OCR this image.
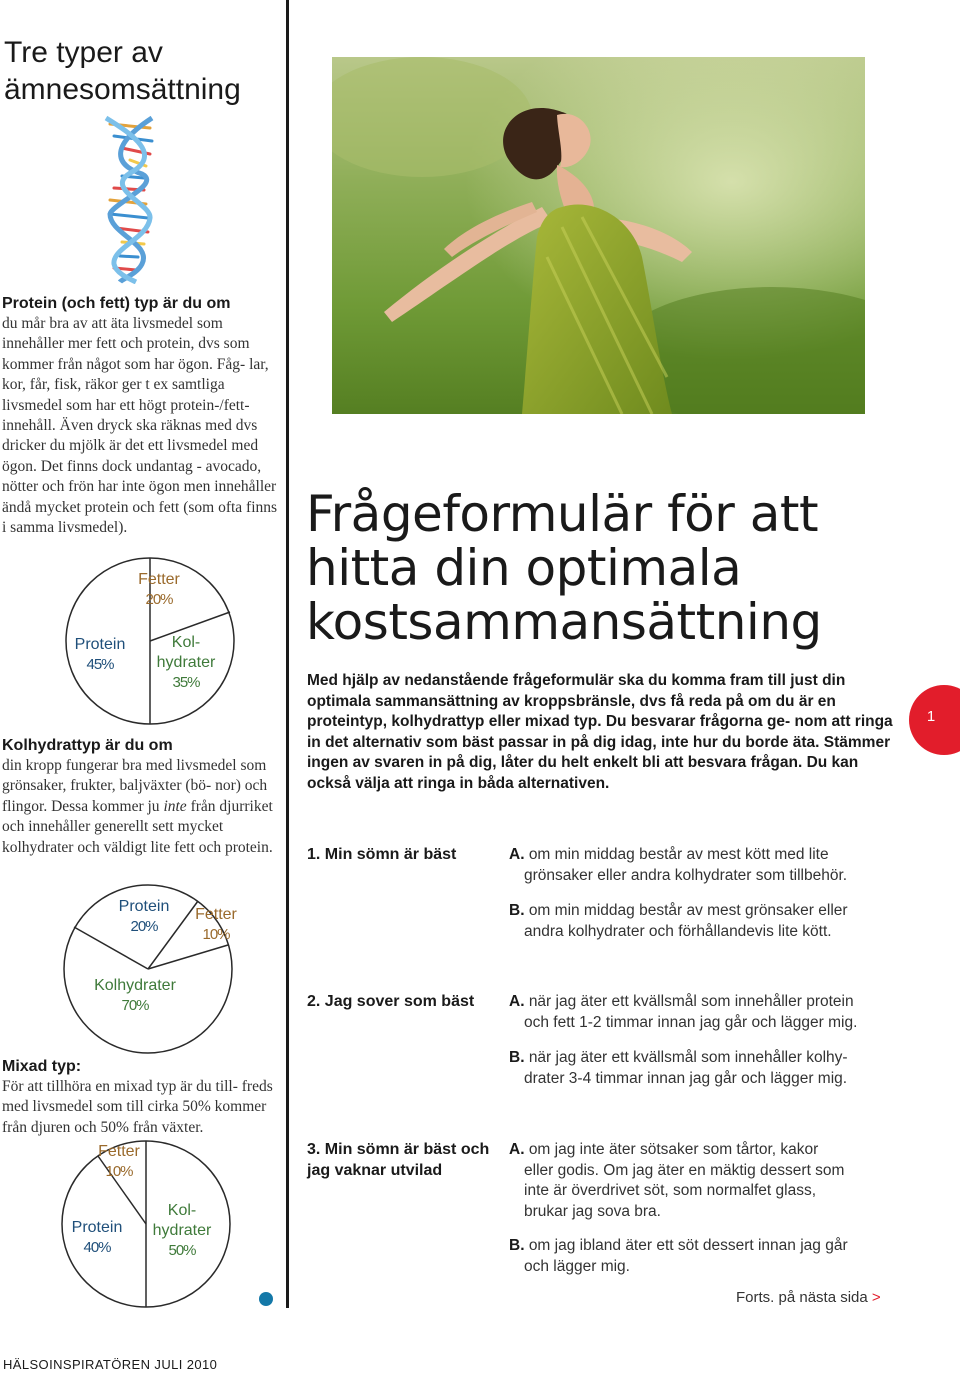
Tre typer av ämnesomsättning
Protein (och fett) typ är du om
du mår bra av att äta livsmedel som innehåller mer fett och protein, dvs som kommer från något som har ögon. Fåg- lar, kor, får, fisk, räkor ger t ex samtliga livsmedel som har ett högt protein-/fett- innehåll. Även dryck ska räknas med dvs dricker du mjölk är det ett livsmedel med ögon. Det finns dock undantag - avocado, nötter och frön har inte ögon men innehåller ändå mycket protein och fett (som ofta finns i samma livsmedel).
Fetter
20%
Kol-
hydrater
35%
Protein
45%
Kolhydrattyp är du om
din kropp fungerar bra med livsmedel som grönsaker, frukter, baljväxter (bö- nor) och flingor. Dessa kommer ju inte från djurriket och innehåller generellt sett mycket kolhydrater och väldigt lite fett och protein.
Protein
20%
Fetter
10%
Kolhydrater
70%
Mixad typ:
För att tillhöra en mixad typ är du till- freds med livsmedel som till cirka 50% kommer från djuren och 50% från växter.
Fetter
10%
Protein
40%
Kol-
hydrater
50%
Frågeformulär för att hitta din optimala kostsammansättning
Med hjälp av nedanstående frågeformulär ska du komma fram till just din optimala sammansättning av kroppsbränsle, dvs få reda på om du är en proteintyp, kolhydrattyp eller mixad typ. Du besvarar frågorna ge- nom att ringa in det alternativ som bäst passar in på dig idag, inte hur du borde äta. Stämmer ingen av svaren in på dig, låter du helt enkelt bli att besvara frågan. Du kan också välja att ringa in båda alternativen.
1
1. Min sömn är bäst	A. om min middag består av mest kött med lite
grönsaker eller andra kolhydrater som tillbehör.
B. om min middag består av mest grönsaker eller
andra kolhydrater och förhållandevis lite kött.
2. Jag sover som bäst	A. när jag äter ett kvällsmål som innehåller protein
och fett 1-2 timmar innan jag går och lägger mig.
B. när jag äter ett kvällsmål som innehåller kolhy-
drater 3-4 timmar innan jag går och lägger mig.
3. Min sömn är bäst och jag vaknar utvilad
A. om jag inte äter sötsaker som tårtor, kakor
eller godis. Om jag äter en mäktig dessert som
inte är överdrivet söt, som normalfet glass,
brukar jag sova bra.
B. om jag ibland äter ett söt dessert innan jag går
och lägger mig.
Forts. på nästa sida >
HÄLSOINSPIRATÖREN JULI 2010
